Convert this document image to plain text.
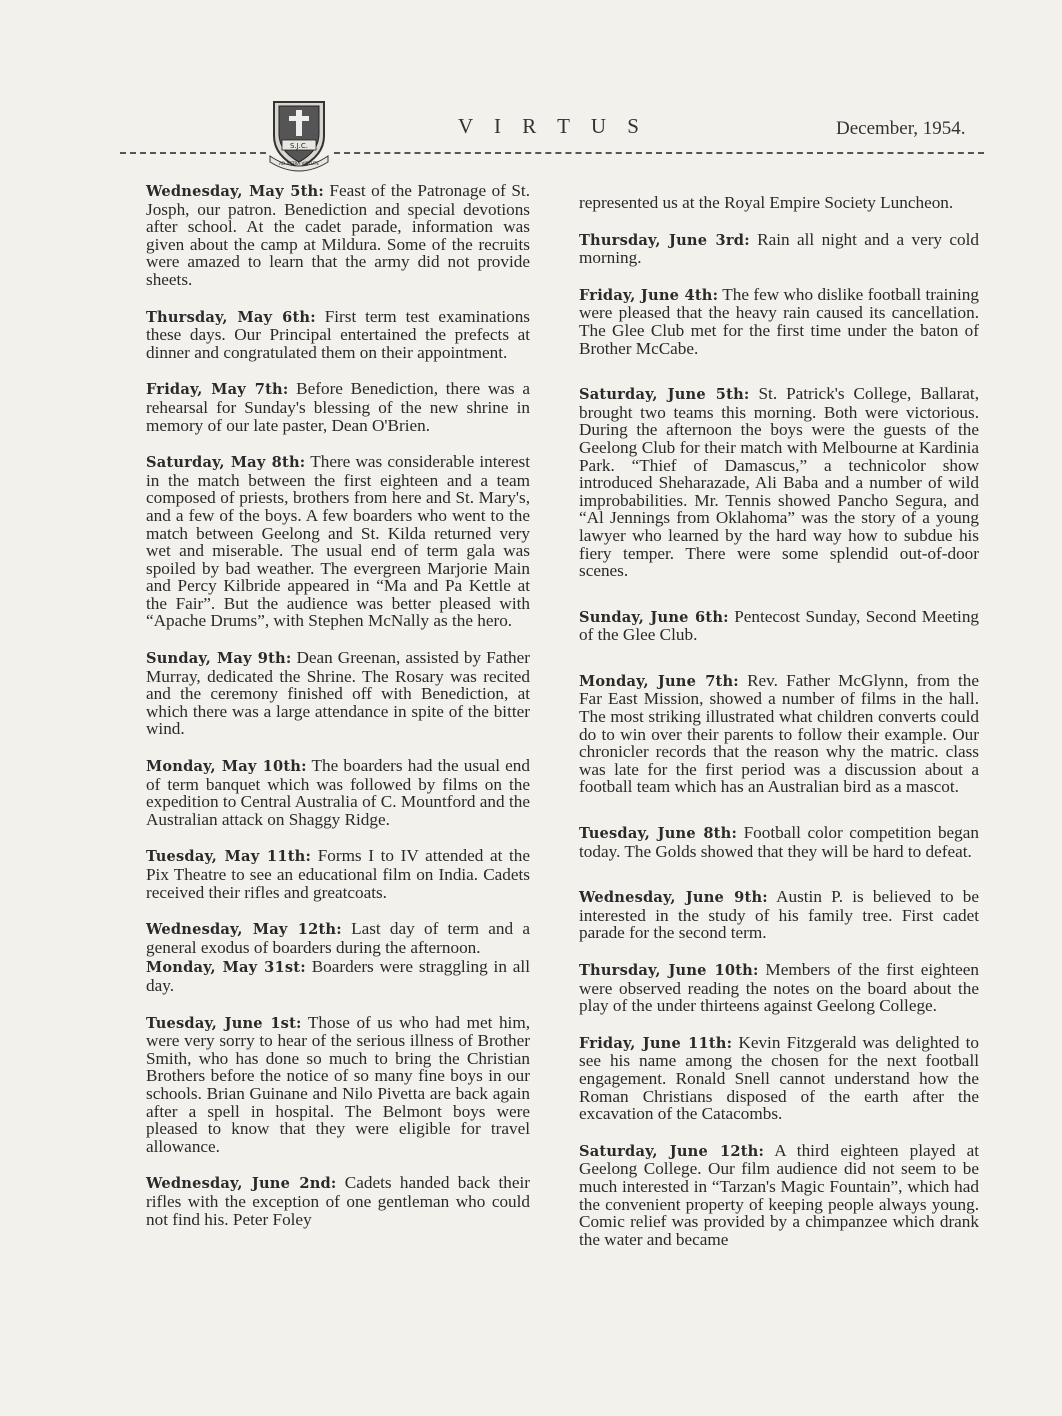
S.J.C.
AD ASTRA VIRTUTE
V I R T U S	December, 1954.

Wednesday, May 5th: Feast of the Patronage of St. Josph, our patron. Benediction and special devotions after school. At the cadet parade, information was given about the camp at Mildura. Some of the recruits were amazed to learn that the army did not provide sheets.

Thursday, May 6th: First term test examinations these days. Our Principal entertained the prefects at dinner and congratulated them on their appointment.

Friday, May 7th: Before Benediction, there was a rehearsal for Sunday's blessing of the new shrine in memory of our late paster, Dean O'Brien.

Saturday, May 8th: There was considerable interest in the match between the first eighteen and a team composed of priests, brothers from here and St. Mary's, and a few of the boys. A few boarders who went to the match between Geelong and St. Kilda returned very wet and miserable. The usual end of term gala was spoiled by bad weather. The evergreen Marjorie Main and Percy Kilbride appeared in “Ma and Pa Kettle at the Fair”. But the audience was better pleased with “Apache Drums”, with Stephen McNally as the hero.

Sunday, May 9th: Dean Greenan, assisted by Father Murray, dedicated the Shrine. The Rosary was recited and the ceremony finished off with Benediction, at which there was a large attendance in spite of the bitter wind.

Monday, May 10th: The boarders had the usual end of term banquet which was followed by films on the expedition to Central Australia of C. Mountford and the Australian attack on Shaggy Ridge.

Tuesday, May 11th: Forms I to IV attended at the Pix Theatre to see an educational film on India. Cadets received their rifles and greatcoats.

Wednesday, May 12th: Last day of term and a general exodus of boarders during the afternoon.

Monday, May 31st: Boarders were straggling in all day.

Tuesday, June 1st: Those of us who had met him, were very sorry to hear of the serious illness of Brother Smith, who has done so much to bring the Christian Brothers before the notice of so many fine boys in our schools. Brian Guinane and Nilo Pivetta are back again after a spell in hospital. The Belmont boys were pleased to know that they were eligible for travel allowance.

Wednesday, June 2nd: Cadets handed back their rifles with the exception of one gentleman who could not find his. Peter Foley

represented us at the Royal Empire Society Luncheon.

Thursday, June 3rd: Rain all night and a very cold morning.

Friday, June 4th: The few who dislike football training were pleased that the heavy rain caused its cancellation. The Glee Club met for the first time under the baton of Brother McCabe.

Saturday, June 5th: St. Patrick's College, Ballarat, brought two teams this morning. Both were victorious. During the afternoon the boys were the guests of the Geelong Club for their match with Melbourne at Kardinia Park. “Thief of Damascus,” a technicolor show introduced Sheharazade, Ali Baba and a number of wild improbabilities. Mr. Tennis showed Pancho Segura, and “Al Jennings from Oklahoma” was the story of a young lawyer who learned by the hard way how to subdue his fiery temper. There were some splendid out-of-door scenes.

Sunday, June 6th: Pentecost Sunday, Second Meeting of the Glee Club.

Monday, June 7th: Rev. Father McGlynn, from the Far East Mission, showed a number of films in the hall. The most striking illustrated what children converts could do to win over their parents to follow their example. Our chronicler records that the reason why the matric. class was late for the first period was a discussion about a football team which has an Australian bird as a mascot.

Tuesday, June 8th: Football color competition began today. The Golds showed that they will be hard to defeat.

Wednesday, June 9th: Austin P. is believed to be interested in the study of his family tree. First cadet parade for the second term.

Thursday, June 10th: Members of the first eighteen were observed reading the notes on the board about the play of the under thirteens against Geelong College.

Friday, June 11th: Kevin Fitzgerald was delighted to see his name among the chosen for the next football engagement. Ronald Snell cannot understand how the Roman Christians disposed of the earth after the excavation of the Catacombs.

Saturday, June 12th: A third eighteen played at Geelong College. Our film audience did not seem to be much interested in “Tarzan's Magic Fountain”, which had the convenient property of keeping people always young. Comic relief was provided by a chimpanzee which drank the water and became
